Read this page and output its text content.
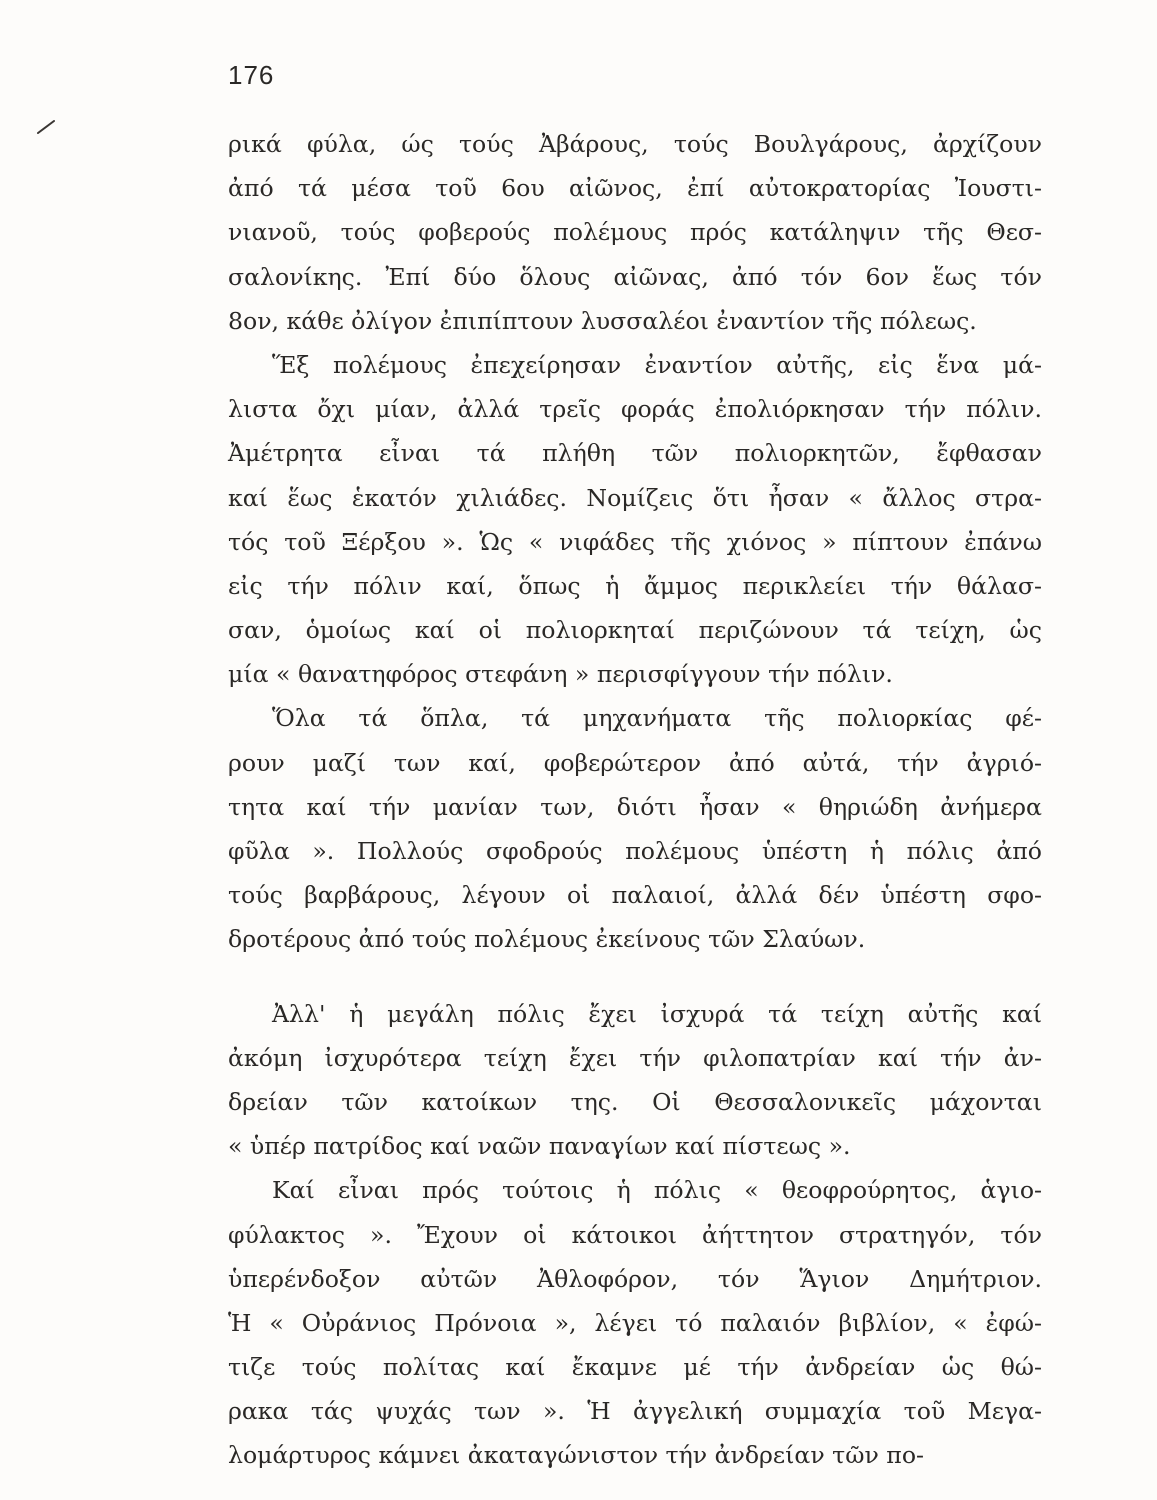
176
ρικά φύλα, ώς τούς Ἀβάρους, τούς Βουλγάρους, ἀρχίζουν
ἀπό τά μέσα τοῦ 6ου αἰῶνος, ἐπί αὐτοκρατορίας Ἰουστι-
νιανοῦ, τούς φοβερούς πολέμους πρός κατάληψιν τῆς Θεσ-
σαλονίκης. Ἐπί δύο ὅλους αἰῶνας, ἀπό τόν 6ον ἕως τόν
8ον, κάθε ὀλίγον ἐπιπίπτουν λυσσαλέοι ἐναντίον τῆς πόλεως.
Ἕξ πολέμους ἐπεχείρησαν ἐναντίον αὐτῆς, εἰς ἕνα μά-
λιστα ὄχι μίαν, ἀλλά τρεῖς φοράς ἐπολιόρκησαν τήν πόλιν.
Ἀμέτρητα εἶναι τά πλήθη τῶν πολιορκητῶν, ἔφθασαν
καί ἕως ἑκατόν χιλιάδες. Νομίζεις ὅτι ἦσαν « ἄλλος στρα-
τός τοῦ Ξέρξου ». Ὡς « νιφάδες τῆς χιόνος » πίπτουν ἐπάνω
εἰς τήν πόλιν καί, ὅπως ἡ ἄμμος περικλείει τήν θάλασ-
σαν, ὁμοίως καί οἱ πολιορκηταί περιζώνουν τά τείχη, ὡς
μία « θανατηφόρος στεφάνη » περισφίγγουν τήν πόλιν.
Ὅλα τά ὅπλα, τά μηχανήματα τῆς πολιορκίας φέ-
ρουν μαζί των καί, φοβερώτερον ἀπό αὐτά, τήν ἀγριό-
τητα καί τήν μανίαν των, διότι ἦσαν « θηριώδη ἀνήμερα
φῦλα ». Πολλούς σφοδρούς πολέμους ὑπέστη ἡ πόλις ἀπό
τούς βαρβάρους, λέγουν οἱ παλαιοί, ἀλλά δέν ὑπέστη σφο-
δροτέρους ἀπό τούς πολέμους ἐκείνους τῶν Σλαύων.
Ἀλλ' ἡ μεγάλη πόλις ἔχει ἰσχυρά τά τείχη αὐτῆς καί
ἀκόμη ἰσχυρότερα τείχη ἔχει τήν φιλοπατρίαν καί τήν ἀν-
δρείαν τῶν κατοίκων της. Οἱ Θεσσαλονικεῖς μάχονται
« ὑπέρ πατρίδος καί ναῶν παναγίων καί πίστεως ».
Καί εἶναι πρός τούτοις ἡ πόλις « θεοφρούρητος, ἁγιο-
φύλακτος ». Ἔχουν οἱ κάτοικοι ἀήττητον στρατηγόν, τόν
ὑπερένδοξον αὐτῶν Ἀθλοφόρον, τόν Ἅγιον Δημήτριον.
Ἡ « Οὐράνιος Πρόνοια », λέγει τό παλαιόν βιβλίον, « ἐφώ-
τιζε τούς πολίτας καί ἔκαμνε μέ τήν ἀνδρείαν ὡς θώ-
ρακα τάς ψυχάς των ». Ἡ ἀγγελική συμμαχία τοῦ Μεγα-
λομάρτυρος κάμνει ἀκαταγώνιστον τήν ἀνδρείαν τῶν πο-
